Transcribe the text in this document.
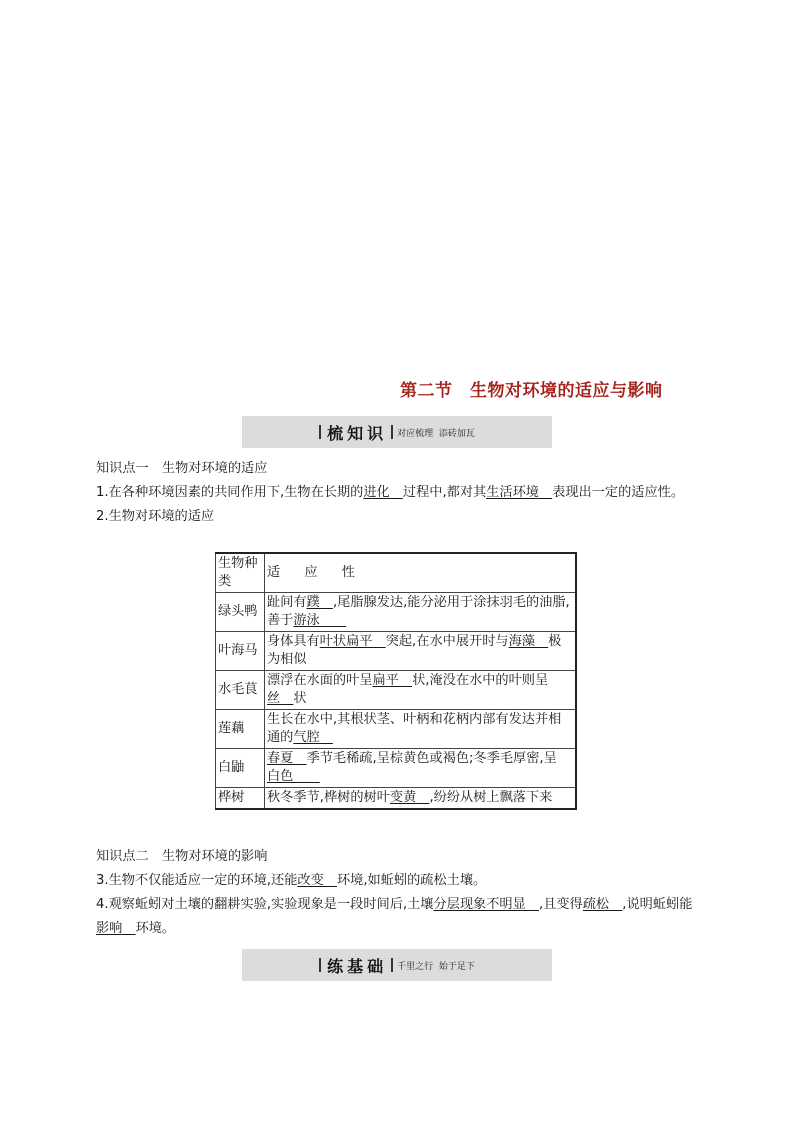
第二节　生物对环境的适应与影响
梳知识 对应梳理  添砖加瓦
知识点一　生物对环境的适应
1.在各种环境因素的共同作用下,生物在长期的进化　过程中,都对其生活环境　表现出一定的适应性。
2.生物对环境的适应
生物种类	适 应 性
绿头鸭	趾间有蹼　,尾脂腺发达,能分泌用于涂抹羽毛的油脂,善于游泳　　
叶海马	身体具有叶状扁平　突起,在水中展开时与海藻　极为相似
水毛茛	漂浮在水面的叶呈扁平　状,淹没在水中的叶则呈丝　状
莲藕	生长在水中,其根状茎、叶柄和花柄内部有发达并相通的气腔　
白鼬	春夏　季节毛稀疏,呈棕黄色或褐色;冬季毛厚密,呈白色　　
桦树	秋冬季节,桦树的树叶变黄　,纷纷从树上飘落下来
知识点二　生物对环境的影响
3.生物不仅能适应一定的环境,还能改变　环境,如蚯蚓的疏松土壤。
4.观察蚯蚓对土壤的翻耕实验,实验现象是一段时间后,土壤分层现象不明显　,且变得疏松　,说明蚯蚓能影响　环境。
练基础 千里之行  始于足下
